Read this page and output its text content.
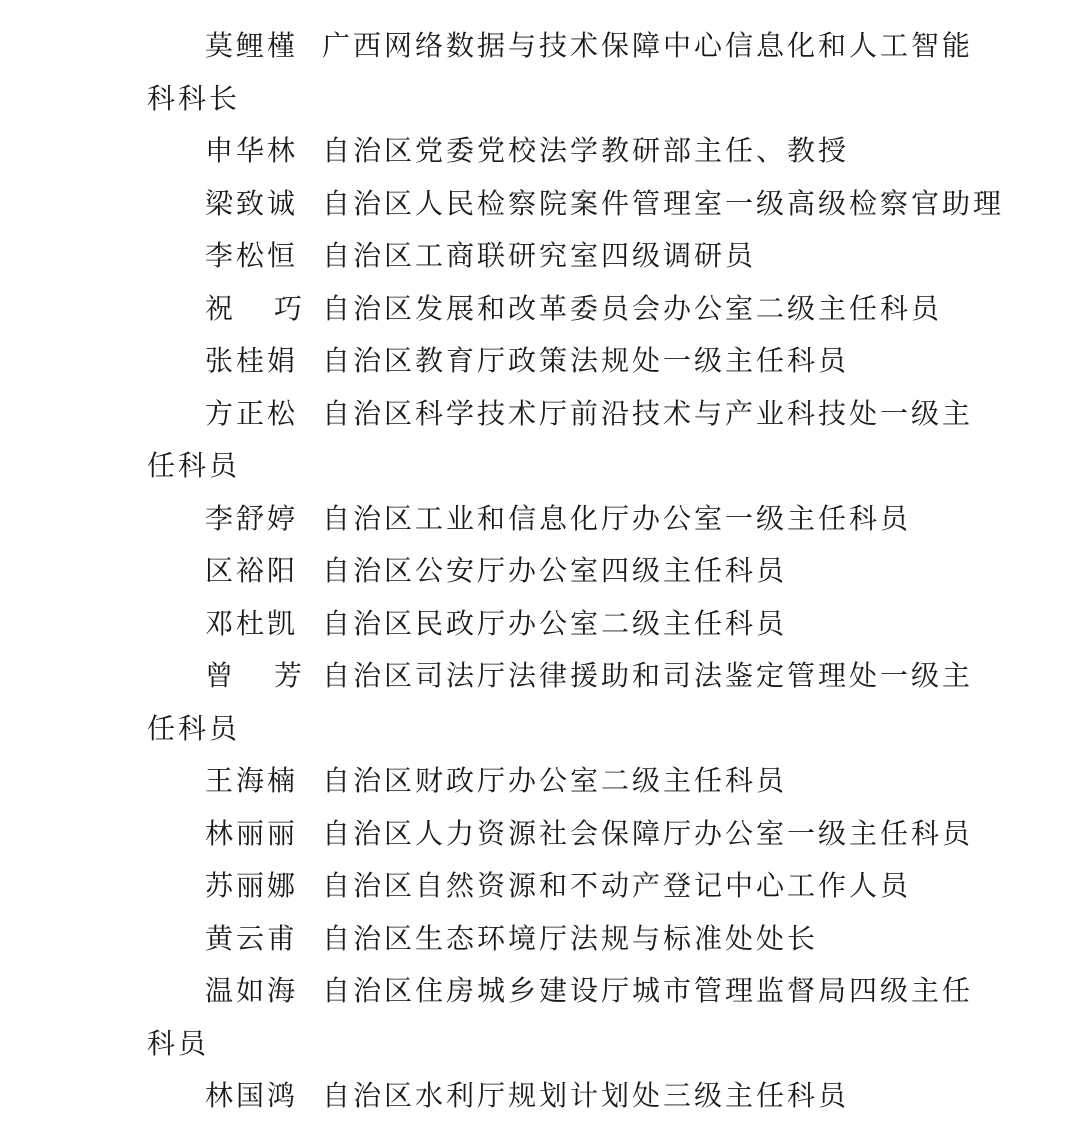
莫 鲤 槿 广西网络数据与技术保障中心信息化和人工智能
科科长
申 华 林 自治区党委党校法学教研部主任、教授
梁 致 诚 自治区人民检察院案件管理室一级高级检察官助理
李 松 恒 自治区工商联研究室四级调研员
祝 巧 自治区发展和改革委员会办公室二级主任科员
张 桂 娟 自治区教育厅政策法规处一级主任科员
方 正 松 自治区科学技术厅前沿技术与产业科技处一级主
任科员
李 舒 婷 自治区工业和信息化厅办公室一级主任科员
区 裕 阳 自治区公安厅办公室四级主任科员
邓 杜 凯 自治区民政厅办公室二级主任科员
曾 芳 自治区司法厅法律援助和司法鉴定管理处一级主
任科员
王 海 楠 自治区财政厅办公室二级主任科员
林 丽 丽 自治区人力资源社会保障厅办公室一级主任科员
苏 丽 娜 自治区自然资源和不动产登记中心工作人员
黄 云 甫 自治区生态环境厅法规与标准处处长
温 如 海 自治区住房城乡建设厅城市管理监督局四级主任
科员
林 国 鸿 自治区水利厅规划计划处三级主任科员
